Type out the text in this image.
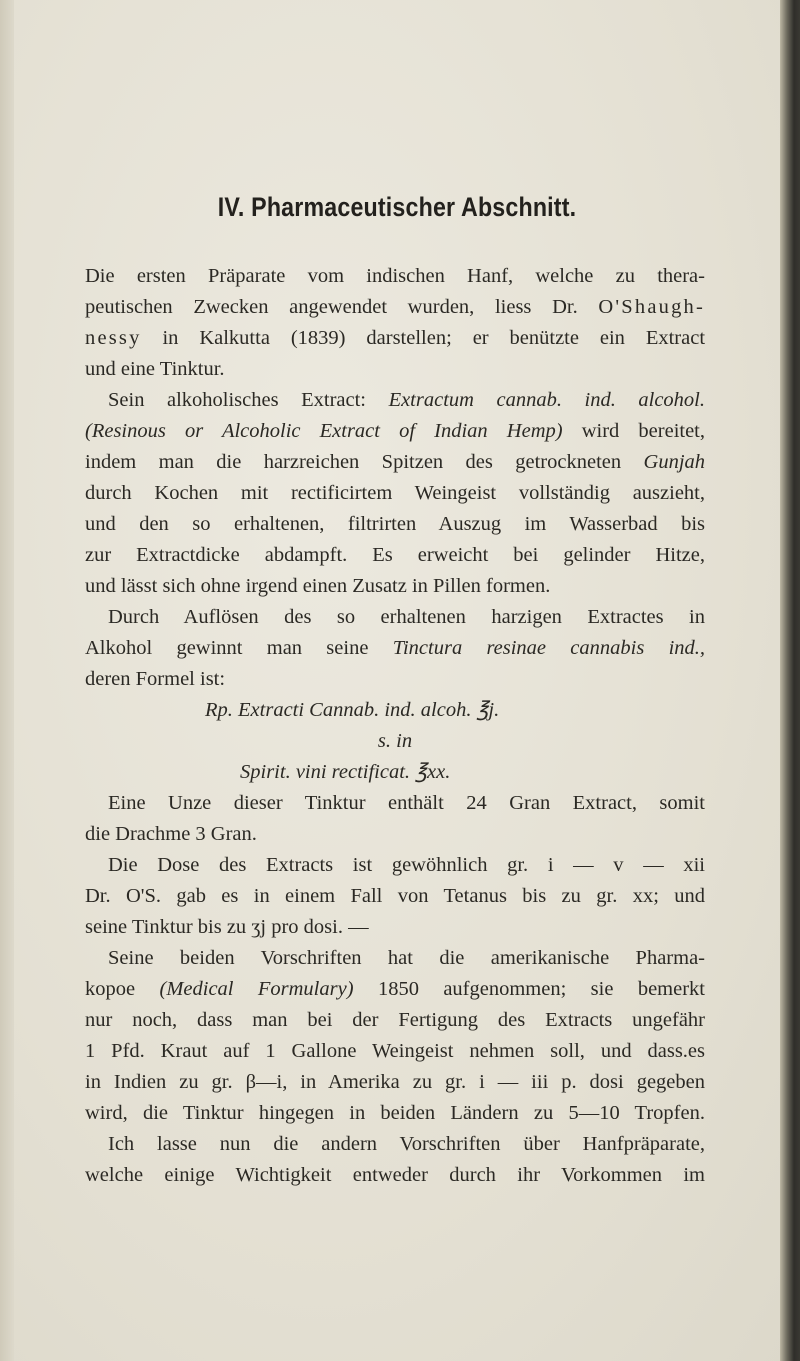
IV. Pharmaceutischer Abschnitt.
Die ersten Präparate vom indischen Hanf, welche zu thera-
peutischen Zwecken angewendet wurden, liess Dr. O'Shaugh-
nessy in Kalkutta (1839) darstellen; er benützte ein Extract
und eine Tinktur.
Sein alkoholisches Extract: Extractum cannab. ind. alcohol.
(Resinous or Alcoholic Extract of Indian Hemp) wird bereitet,
indem man die harzreichen Spitzen des getrockneten Gunjah
durch Kochen mit rectificirtem Weingeist vollständig auszieht,
und den so erhaltenen, filtrirten Auszug im Wasserbad bis
zur Extractdicke abdampft. Es erweicht bei gelinder Hitze,
und lässt sich ohne irgend einen Zusatz in Pillen formen.
Durch Auflösen des so erhaltenen harzigen Extractes in
Alkohol gewinnt man seine Tinctura resinae cannabis ind.,
deren Formel ist:
Rp. Extracti Cannab. ind. alcoh. ℥j.
s. in
Spirit. vini rectificat. ℥xx.
Eine Unze dieser Tinktur enthält 24 Gran Extract, somit
die Drachme 3 Gran.
Die Dose des Extracts ist gewöhnlich gr. i — v — xii
Dr. O'S. gab es in einem Fall von Tetanus bis zu gr. xx; und
seine Tinktur bis zu ʒj pro dosi. —
Seine beiden Vorschriften hat die amerikanische Pharma-
kopoe (Medical Formulary) 1850 aufgenommen; sie bemerkt
nur noch, dass man bei der Fertigung des Extracts ungefähr
1 Pfd. Kraut auf 1 Gallone Weingeist nehmen soll, und dass.es
in Indien zu gr. β—i, in Amerika zu gr. i — iii p. dosi gegeben
wird, die Tinktur hingegen in beiden Ländern zu 5—10 Tropfen.
Ich lasse nun die andern Vorschriften über Hanfpräparate,
welche einige Wichtigkeit entweder durch ihr Vorkommen im
